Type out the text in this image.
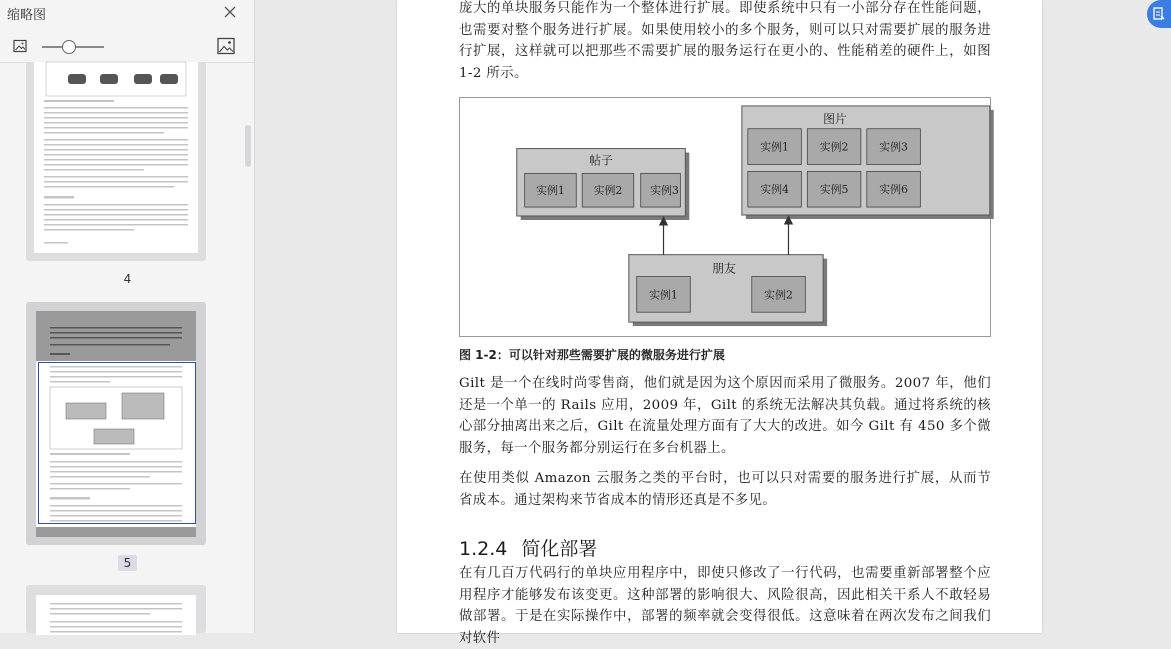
缩略图
4
5

庞大的单块服务只能作为一个整体进行扩展。即使系统中只有一小部分存在性能问题，也需要对整个服务进行扩展。如果使用较小的多个服务，则可以只对需要扩展的服务进行扩展，这样就可以把那些不需要扩展的服务运行在更小的、性能稍差的硬件上，如图1-2 所示。

帖子
实例1	实例2	实例3
图片
实例1	实例2	实例3
实例4	实例5	实例6
朋友
实例1	实例2
图 1-2：可以针对那些需要扩展的微服务进行扩展

Gilt 是一个在线时尚零售商，他们就是因为这个原因而采用了微服务。2007 年，他们还是一个单一的 Rails 应用，2009 年，Gilt 的系统无法解决其负载。通过将系统的核心部分抽离出来之后，Gilt 在流量处理方面有了大大的改进。如今 Gilt 有 450 多个微服务，每一个服务都分别运行在多台机器上。

在使用类似 Amazon 云服务之类的平台时，也可以只对需要的服务进行扩展，从而节省成本。通过架构来节省成本的情形还真是不多见。

1.2.4 简化部署

在有几百万代码行的单块应用程序中，即使只修改了一行代码，也需要重新部署整个应用程序才能够发布该变更。这种部署的影响很大、风险很高，因此相关干系人不敢轻易做部署。于是在实际操作中，部署的频率就会变得很低。这意味着在两次发布之间我们对软件
